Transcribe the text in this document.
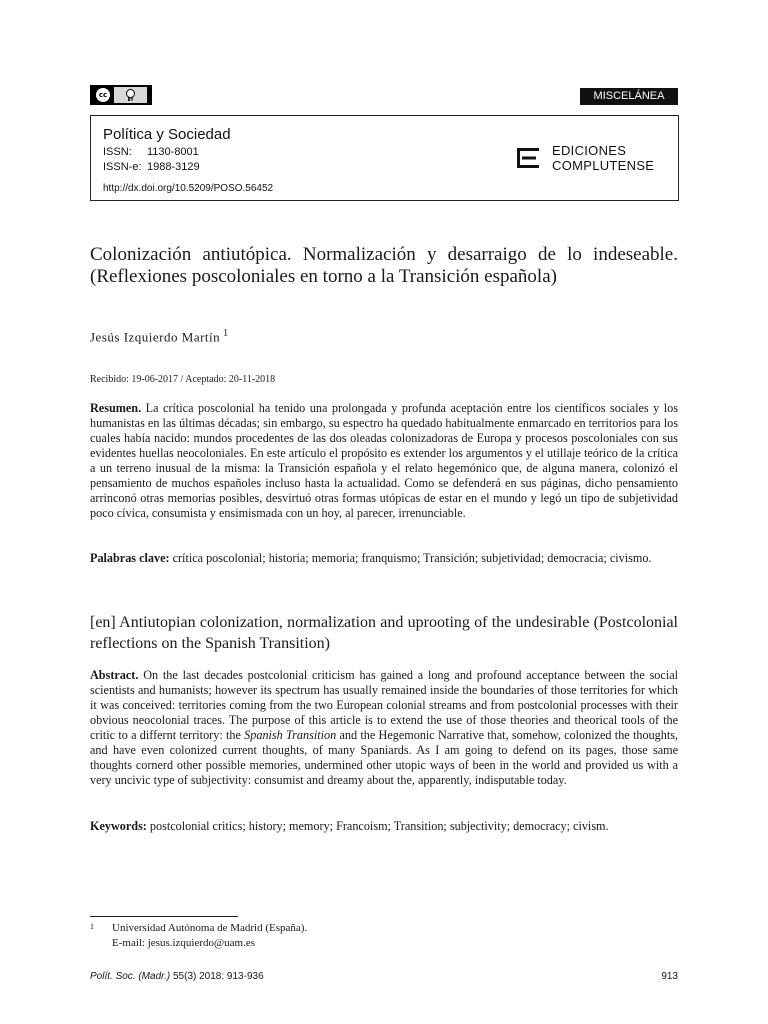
cc	BY	MISCELÁNEA
Política y Sociedad
ISSN: 1130-8001
ISSN-e: 1988-3129
http://dx.doi.org/10.5209/POSO.56452
EDICIONES
COMPLUTENSE
Colonización antiutópica. Normalización y desarraigo de lo indeseable. (Reflexiones poscoloniales en torno a la Transición española)
Jesús Izquierdo Martín $^1$
Recibido: 19-06-2017 / Aceptado: 20-11-2018
Resumen. La crítica poscolonial ha tenido una prolongada y profunda aceptación entre los científicos sociales y los humanistas en las últimas décadas; sin embargo, su espectro ha quedado habitualmente enmarcado en territorios para los cuales había nacido: mundos procedentes de las dos oleadas colonizadoras de Europa y procesos poscoloniales con sus evidentes huellas neocoloniales. En este artículo el propósito es extender los argumentos y el utillaje teórico de la crítica a un terreno inusual de la misma: la Transición española y el relato hegemónico que, de alguna manera, colonizó el pensamiento de muchos españoles incluso hasta la actualidad. Como se defenderá en sus páginas, dicho pensamiento arrinconó otras memorias posibles, desvirtuó otras formas utópicas de estar en el mundo y legó un tipo de subjetividad poco cívica, consumista y ensimismada con un hoy, al parecer, irrenunciable.
Palabras clave: crítica poscolonial; historia; memoria; franquismo; Transición; subjetividad; democracia; civismo.
[en] Antiutopian colonization, normalization and uprooting of the undesirable (Postcolonial reflections on the Spanish Transition)
Abstract. On the last decades postcolonial criticism has gained a long and profound acceptance between the social scientists and humanists; however its spectrum has usually remained inside the boundaries of those territories for which it was conceived: territories coming from the two European colonial streams and from postcolonial processes with their obvious neocolonial traces. The purpose of this article is to extend the use of those theories and theorical tools of the critic to a differnt territory: the Spanish Transition and the Hegemonic Narrative that, somehow, colonized the thoughts, and have even colonized current thoughts, of many Spaniards. As I am going to defend on its pages, those same thoughts cornerd other possible memories, undermined other utopic ways of been in the world and provided us with a very uncivic type of subjectivity: consumist and dreamy about the, apparently, indisputable today.
Keywords: postcolonial critics; history; memory; Francoism; Transition; subjectivity; democracy; civism.
1 Universidad Autónoma de Madrid (España).
E-mail: jesus.izquierdo@uam.es
Polít. Soc. (Madr.) 55(3) 2018: 913-936	913
